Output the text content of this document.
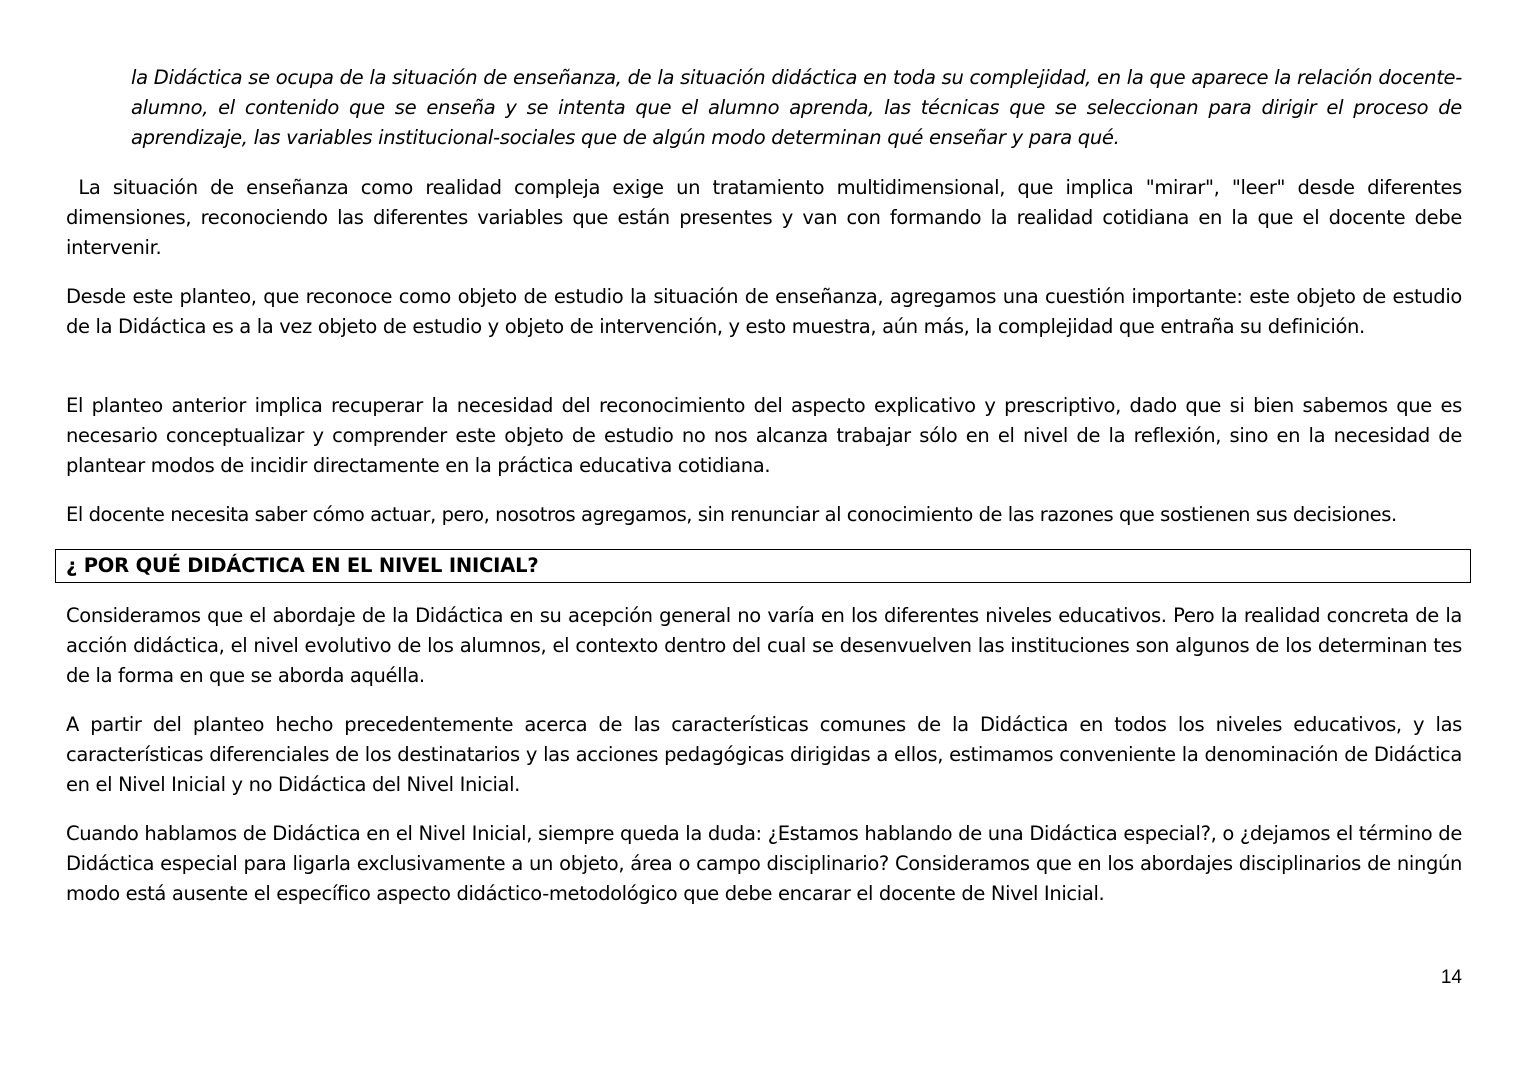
la Didáctica se ocupa de la situación de enseñanza, de la situación didáctica en toda su complejidad, en la que aparece la relación docente-alumno, el contenido que se enseña y se intenta que el alumno aprenda, las técnicas que se seleccionan para dirigir el proceso de aprendizaje, las variables institucional-sociales que de algún modo determinan qué enseñar y para qué.

La situación de enseñanza como realidad compleja exige un tratamiento multidimensional, que implica "mirar", "leer" desde diferentes dimensiones, reconociendo las diferentes variables que están presentes y van con formando la realidad cotidiana en la que el docente debe intervenir.

Desde este planteo, que reconoce como objeto de estudio la situación de enseñanza, agregamos una cuestión importante: este objeto de estudio de la Didáctica es a la vez objeto de estudio y objeto de intervención, y esto muestra, aún más, la complejidad que entraña su definición.

El planteo anterior implica recuperar la necesidad del reconocimiento del aspecto explicativo y prescriptivo, dado que si bien sabemos que es necesario conceptualizar y comprender este objeto de estudio no nos alcanza trabajar sólo en el nivel de la reflexión, sino en la necesidad de plantear modos de incidir directamente en la práctica educativa cotidiana.

El docente necesita saber cómo actuar, pero, nosotros agregamos, sin renunciar al conocimiento de las razones que sostienen sus decisiones.

¿ POR QUÉ DIDÁCTICA EN EL NIVEL INICIAL?

Consideramos que el abordaje de la Didáctica en su acepción general no varía en los diferentes niveles educativos. Pero la realidad concreta de la acción didáctica, el nivel evolutivo de los alumnos, el contexto dentro del cual se desenvuelven las instituciones son algunos de los determinan tes de la forma en que se aborda aquélla.

A partir del planteo hecho precedentemente acerca de las características comunes de la Didáctica en todos los niveles educativos, y las características diferenciales de los destinatarios y las acciones pedagógicas dirigidas a ellos, estimamos conveniente la denominación de Didáctica en el Nivel Inicial y no Didáctica del Nivel Inicial.

Cuando hablamos de Didáctica en el Nivel Inicial, siempre queda la duda: ¿Estamos hablando de una Didáctica especial?, o ¿dejamos el término de Didáctica especial para ligarla exclusivamente a un objeto, área o campo disciplinario? Consideramos que en los abordajes disciplinarios de ningún modo está ausente el específico aspecto didáctico-metodológico que debe encarar el docente de Nivel Inicial.

14
